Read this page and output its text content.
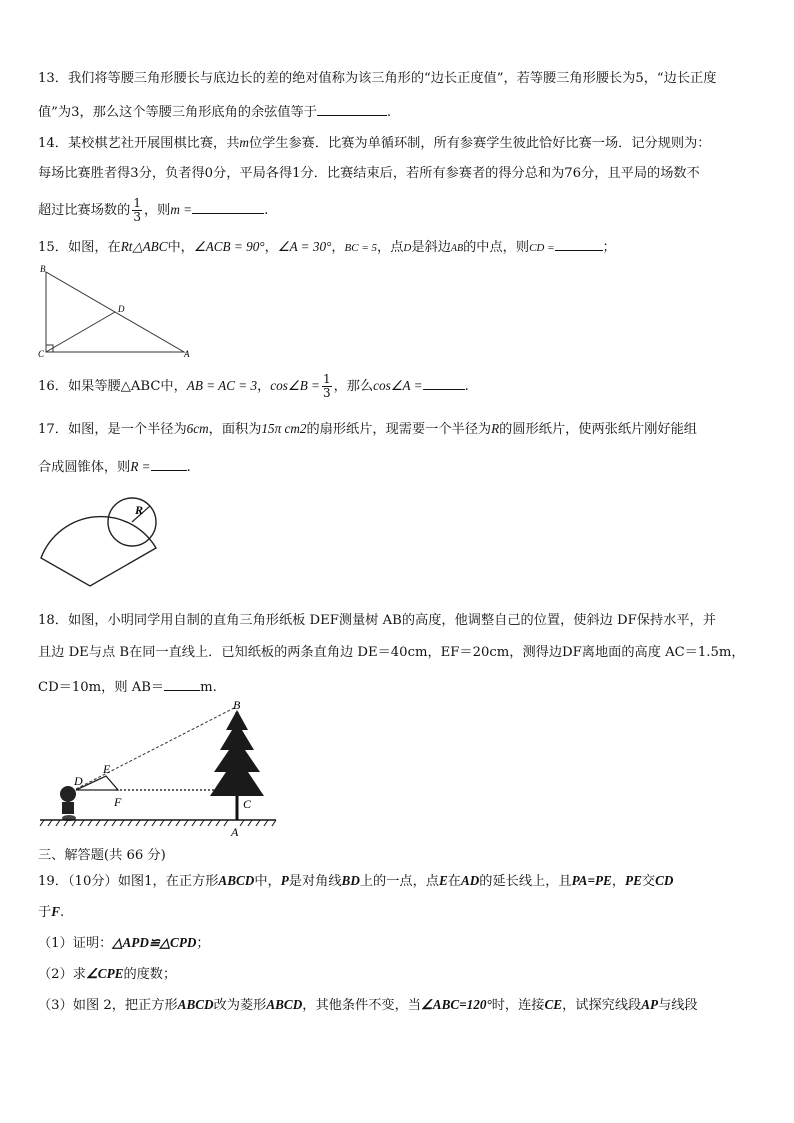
13．我们将等腰三角形腰长与底边长的差的绝对值称为该三角形的“边长正度值”，若等腰三角形腰长为5，“边长正度
值”为3，那么这个等腰三角形底角的余弦值等于	.
14．某校棋艺社开展围棋比赛，共m位学生参赛．比赛为单循环制，所有参赛学生彼此恰好比赛一场．记分规则为：
每场比赛胜者得3分，负者得0分，平局各得1分．比赛结束后，若所有参赛者的得分总和为76分，且平局的场数不
超过比赛场数的 $\frac{1}{3}$ ，则m =	.
15．如图，在Rt△ABC中，∠ACB = 90°，∠A = 30°，BC = 5，点D是斜边AB的中点，则CD =	；
B
C	A
D
16．如果等腰△ABC中，AB = AC = 3，cos∠B = $\frac{1}{3}$ ，那么cos∠A =	.
17．如图，是一个半径为6cm，面积为15π cm2的扇形纸片，现需要一个半径为R的圆形纸片，使两张纸片刚好能组
合成圆锥体，则R =	.
R
18．如图，小明同学用自制的直角三角形纸板 DEF测量树 AB的高度，他调整自己的位置，使斜边 DF保持水平，并
且边 DE与点 B在同一直线上．已知纸板的两条直角边 DE＝40cm，EF＝20cm，测得边DF离地面的高度 AC＝1.5m，
CD＝10m，则 AB＝	m.
B
E
D
F	C
A
三、解答题(共 66 分)
19．（10分）如图1，在正方形ABCD中，P是对角线BD上的一点，点E在AD的延长线上，且PA=PE，PE交CD
于F.
（1）证明：△APD≌△CPD；
（2）求∠CPE的度数；
（3）如图 2，把正方形ABCD改为菱形ABCD，其他条件不变，当∠ABC=120°时，连接CE，试探究线段AP与线段
